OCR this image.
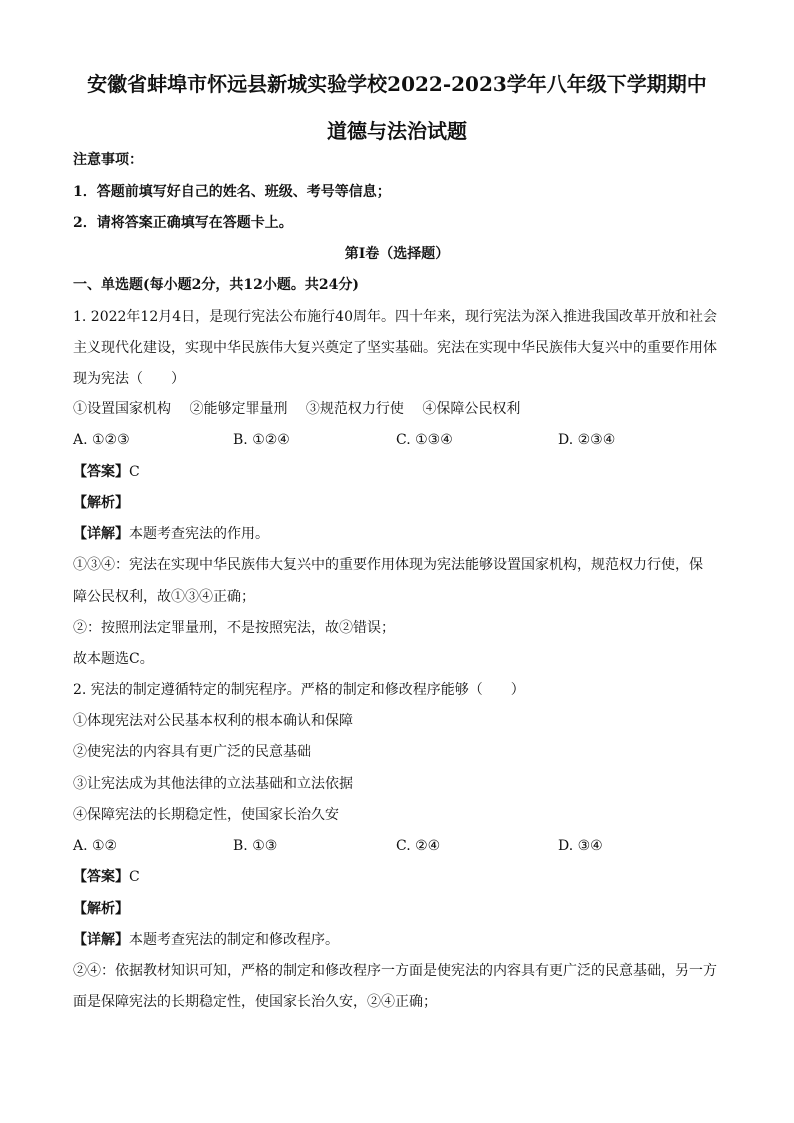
安徽省蚌埠市怀远县新城实验学校2022-2023学年八年级下学期期中
道德与法治试题
注意事项：
1．答题前填写好自己的姓名、班级、考号等信息；
2．请将答案正确填写在答题卡上。
第I卷（选择题）
一、单选题(每小题2分，共12小题。共24分)
1. 2022年12月4日，是现行宪法公布施行40周年。四十年来，现行宪法为深入推进我国改革开放和社会
主义现代化建设，实现中华民族伟大复兴奠定了坚实基础。宪法在实现中华民族伟大复兴中的重要作用体
现为宪法（　　）
①设置国家机构　 ②能够定罪量刑　 ③规范权力行使　 ④保障公民权利
A. ①②③	B. ①②④	C. ①③④	D. ②③④
【答案】C
【解析】
【详解】本题考查宪法的作用。
①③④：宪法在实现中华民族伟大复兴中的重要作用体现为宪法能够设置国家机构，规范权力行使，保
障公民权利，故①③④正确；
②：按照刑法定罪量刑，不是按照宪法，故②错误；
故本题选C。
2. 宪法的制定遵循特定的制宪程序。严格的制定和修改程序能够（　　）
①体现宪法对公民基本权利的根本确认和保障
②使宪法的内容具有更广泛的民意基础
③让宪法成为其他法律的立法基础和立法依据
④保障宪法的长期稳定性，使国家长治久安
A. ①②	B. ①③	C. ②④	D. ③④
【答案】C
【解析】
【详解】本题考查宪法的制定和修改程序。
②④：依据教材知识可知，严格的制定和修改程序一方面是使宪法的内容具有更广泛的民意基础，另一方
面是保障宪法的长期稳定性，使国家长治久安，②④正确；
